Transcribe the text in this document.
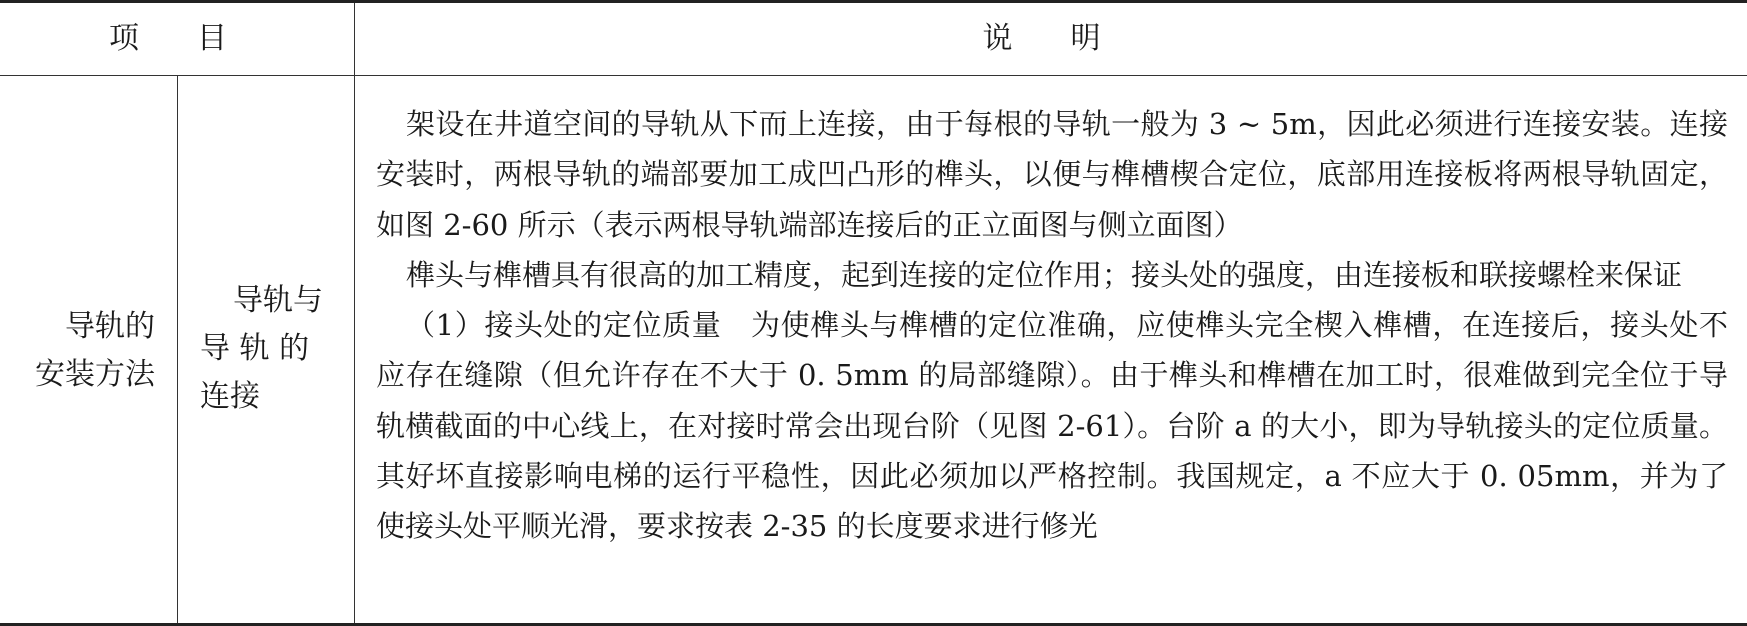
项目	说明
导轨的
安装方法
导轨与
导 轨 的
连接

架设在井道空间的导轨从下而上连接，由于每根的导轨一般为 3 ~ 5m，因此必须进行连接安装。连接安装时，两根导轨的端部要加工成凹凸形的榫头，以便与榫槽楔合定位，底部用连接板将两根导轨固定，如图 2-60 所示（表示两根导轨端部连接后的正立面图与侧立面图）

榫头与榫槽具有很高的加工精度，起到连接的定位作用；接头处的强度，由连接板和联接螺栓来保证

（1）接头处的定位质量　为使榫头与榫槽的定位准确，应使榫头完全楔入榫槽，在连接后，接头处不应存在缝隙（但允许存在不大于 0. 5mm 的局部缝隙）。由于榫头和榫槽在加工时，很难做到完全位于导轨横截面的中心线上，在对接时常会出现台阶（见图 2-61）。台阶 a 的大小，即为导轨接头的定位质量。其好坏直接影响电梯的运行平稳性，因此必须加以严格控制。我国规定，a 不应大于 0. 05mm，并为了使接头处平顺光滑，要求按表 2-35 的长度要求进行修光
